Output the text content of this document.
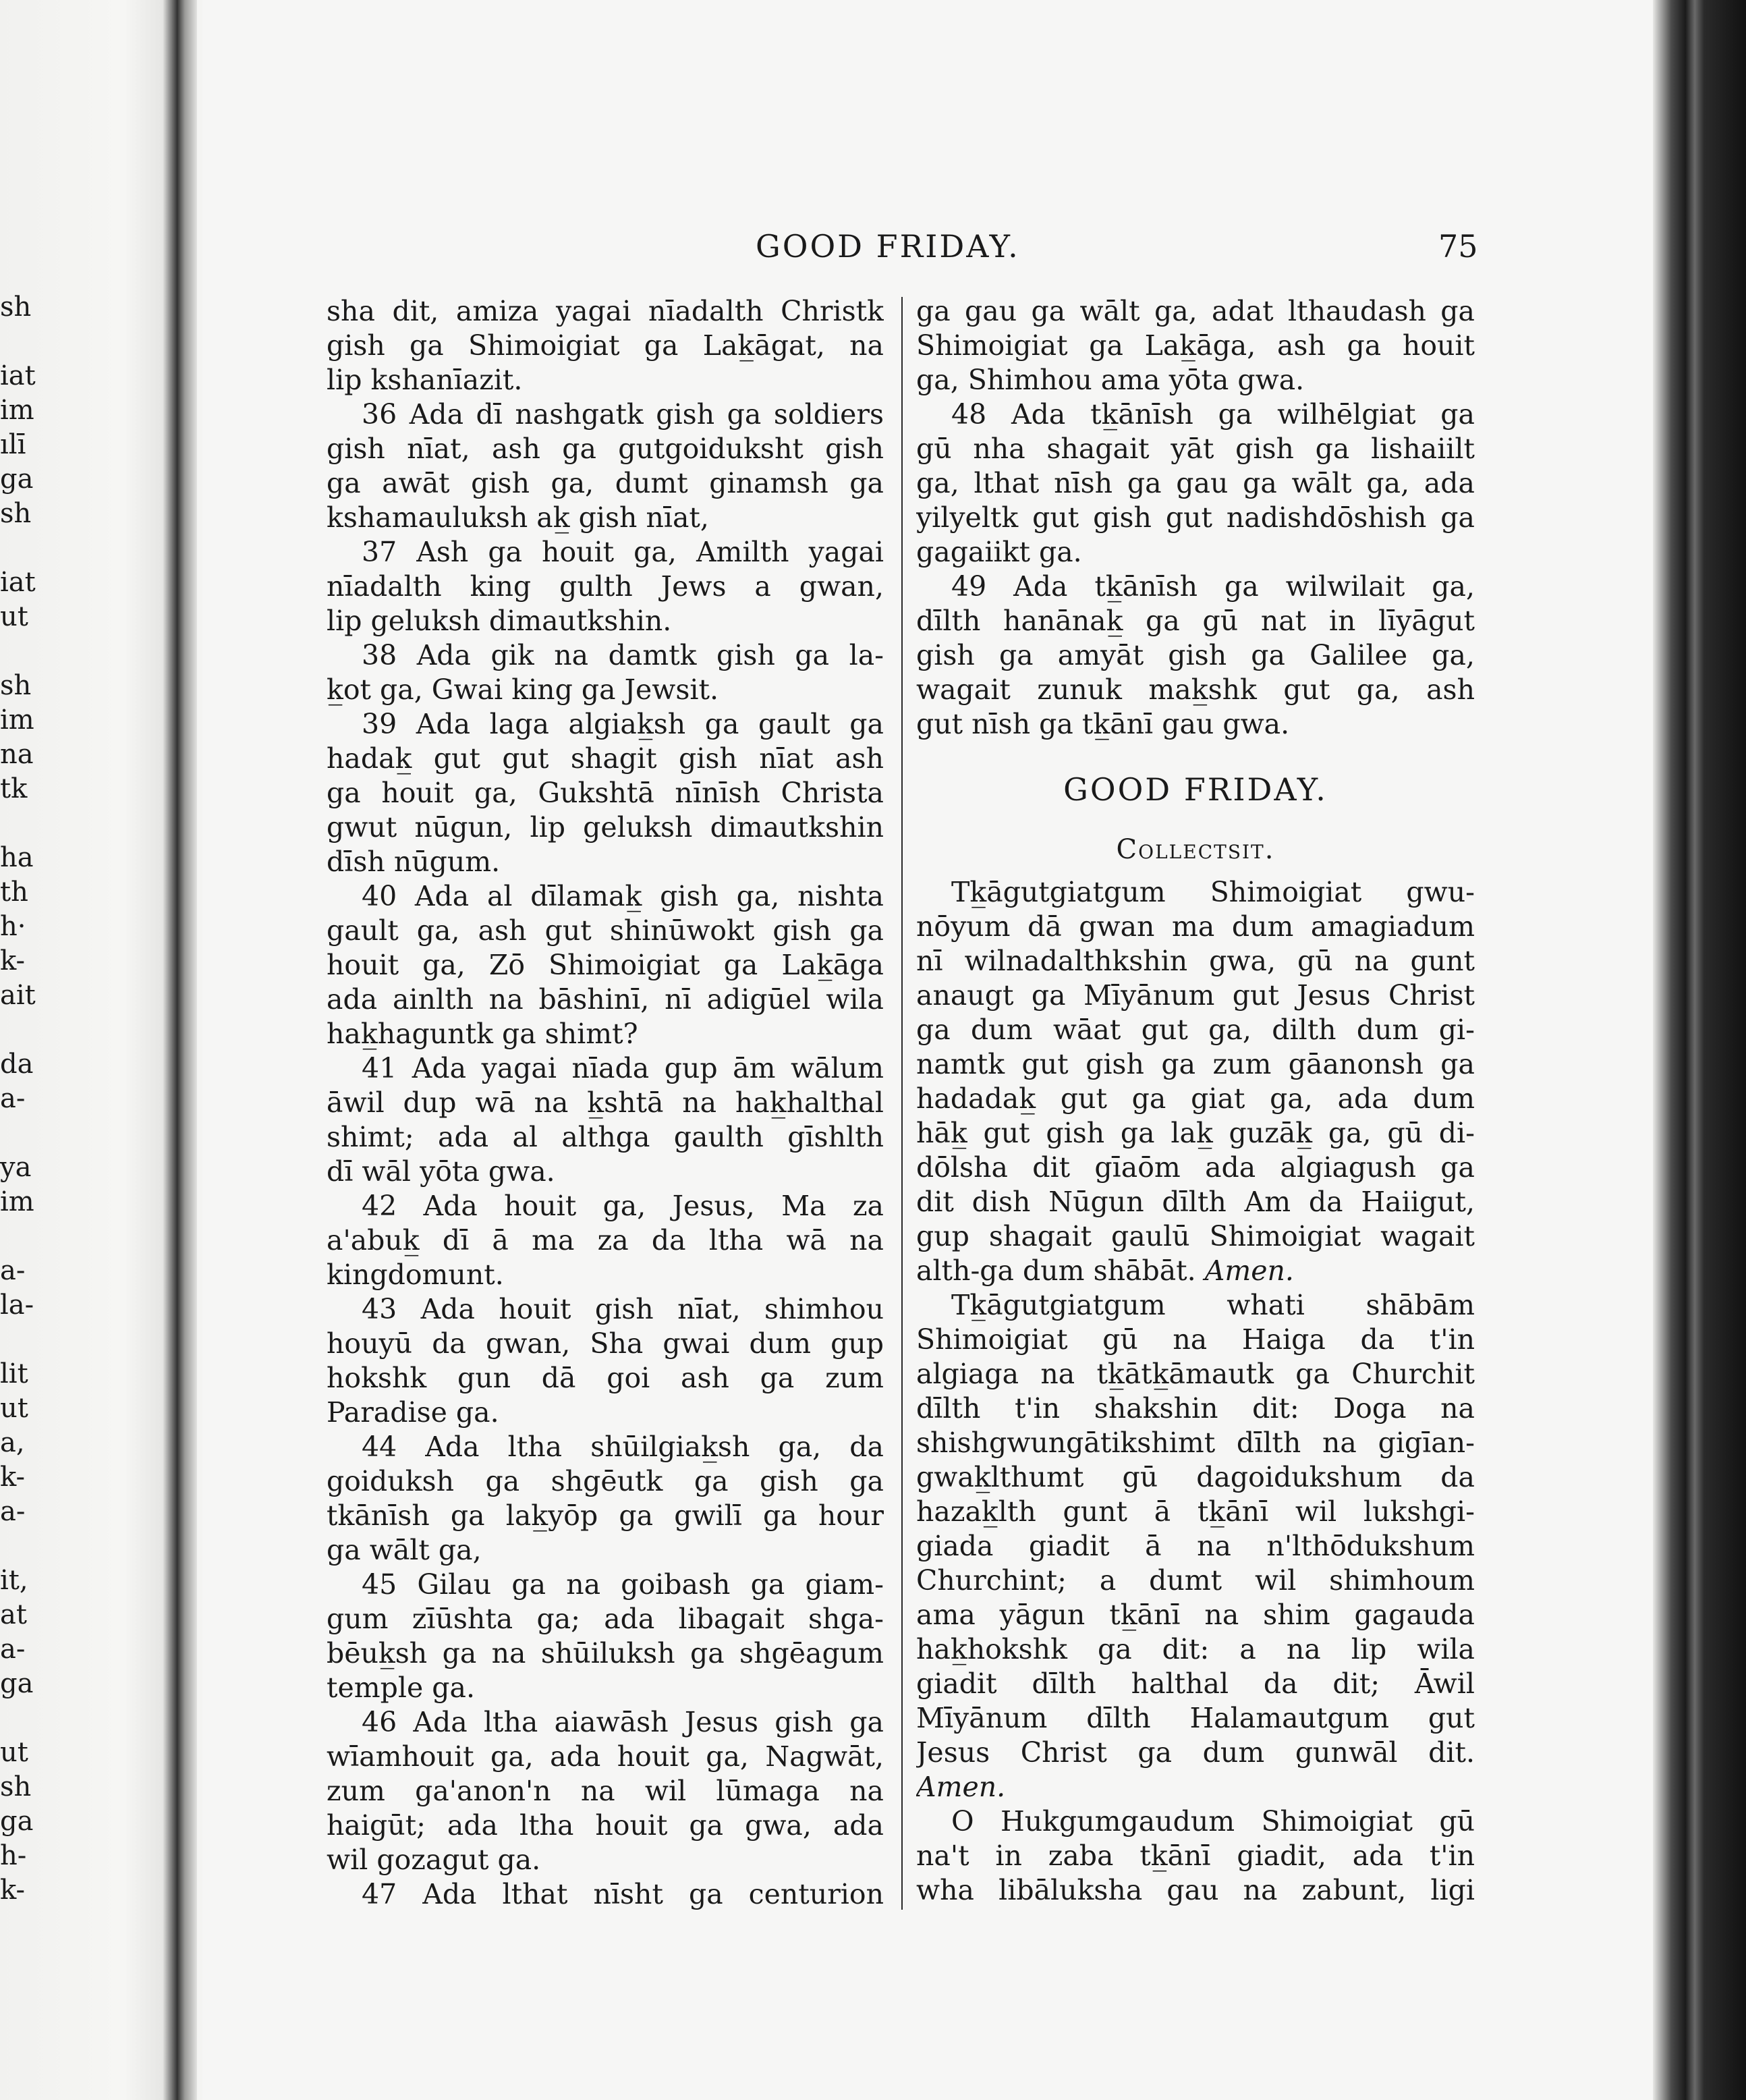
sh
iat
im
ılī
ga
sh
iat
ut
sh
im
na
tk
ha
th
h·
k-
ait
da
a-
ya
im
a-
la-
lit
ut
a,
k-
a-
it,
at
a-
ga
ut
sh
ga
h-
k-
GOOD FRIDAY.	75
sha dit, amiza yagai nīadalth Christk
gish ga Shimoigiat ga Lak̲āgat, na
lip kshanīazit.
36 Ada dī nashgatk gish ga soldiers
gish nīat, ash ga gutgoiduksht gish
ga awāt gish ga, dumt ginamsh ga
kshamauluksh ak̲ gish nīat,
37 Ash ga houit ga, Amilth yagai
nīadalth king gulth Jews a gwan,
lip geluksh dimautkshin.
38 Ada gik na damtk gish ga la-
k̲ot ga, Gwai king ga Jewsit.
39 Ada laga algiak̲sh ga gault ga
hadak̲ gut gut shagit gish nīat ash
ga houit ga, Gukshtā nīnīsh Christa
gwut nūgun, lip geluksh dimautkshin
dīsh nūgum.
40 Ada al dīlamak̲ gish ga, nishta
gault ga, ash gut shinūwokt gish ga
houit ga, Zō Shimoigiat ga Lak̲āga
ada ainlth na bāshinī, nī adigūel wila
hak̲haguntk ga shimt?
41 Ada yagai nīada gup ām wālum
āwil dup wā na k̲shtā na hak̲halthal
shimt; ada al althga gaulth gīshlth
dī wāl yōta gwa.
42 Ada houit ga, Jesus, Ma za
a'abuk̲ dī ā ma za da ltha wā na
kingdomunt.
43 Ada houit gish nīat, shimhou
houyū da gwan, Sha gwai dum gup
hokshk gun dā goi ash ga zum
Paradise ga.
44 Ada ltha shūilgiak̲sh ga, da
goiduksh ga shgēutk ga gish ga
tkānīsh ga lak̲yōp ga gwilī ga hour
ga wālt ga,
45 Gilau ga na goibash ga giam-
gum zīūshta ga; ada libagait shga-
bēuk̲sh ga na shūiluksh ga shgēagum
temple ga.
46 Ada ltha aiawāsh Jesus gish ga
wīamhouit ga, ada houit ga, Nagwāt,
zum ga'anon'n na wil lūmaga na
haigūt; ada ltha houit ga gwa, ada
wil gozagut ga.
47 Ada lthat nīsht ga centurion
ga gau ga wālt ga, adat lthaudash ga
Shimoigiat ga Lak̲āga, ash ga houit
ga, Shimhou ama yōta gwa.
48 Ada tk̲ānīsh ga wilhēlgiat ga
gū nha shagait yāt gish ga lishaiilt
ga, lthat nīsh ga gau ga wālt ga, ada
yilyeltk gut gish gut nadishdōshish ga
gagaiikt ga.
49 Ada tk̲ānīsh ga wilwilait ga,
dīlth hanānak̲ ga gū nat in līyāgut
gish ga amyāt gish ga Galilee ga,
wagait zunuk mak̲shk gut ga, ash
gut nīsh ga tk̲ānī gau gwa.
GOOD FRIDAY.
Collectsit.
Tk̲āgutgiatgum Shimoigiat gwu-
nōyum dā gwan ma dum amagiadum
nī wilnadalthkshin gwa, gū na gunt
anaugt ga Mīyānum gut Jesus Christ
ga dum wāat gut ga, dilth dum gi-
namtk gut gish ga zum gāanonsh ga
hadadak̲ gut ga giat ga, ada dum
hāk̲ gut gish ga lak̲ guzāk̲ ga, gū di-
dōlsha dit gīaōm ada algiagush ga
dit dish Nūgun dīlth Am da Haiigut,
gup shagait gaulū Shimoigiat wagait
alth-ga dum shābāt. Amen.
Tk̲āgutgiatgum whati shābām
Shimoigiat gū na Haiga da t'in
algiaga na tk̲ātk̲āmautk ga Churchit
dīlth t'in shakshin dit: Doga na
shishgwungātikshimt dīlth na gigīan-
gwak̲lthumt gū dagoidukshum da
hazak̲lth gunt ā tk̲ānī wil lukshgi-
giada giadit ā na n'lthōdukshum
Churchint; a dumt wil shimhoum
ama yāgun tk̲ānī na shim gagauda
hak̲hokshk ga dit: a na lip wila
giadit dīlth halthal da dit; Āwil
Mīyānum dīlth Halamautgum gut
Jesus Christ ga dum gunwāl dit.
Amen.
O Hukgumgaudum Shimoigiat gū
na't in zaba tk̲ānī giadit, ada t'in
wha libāluksha gau na zabunt, ligi
